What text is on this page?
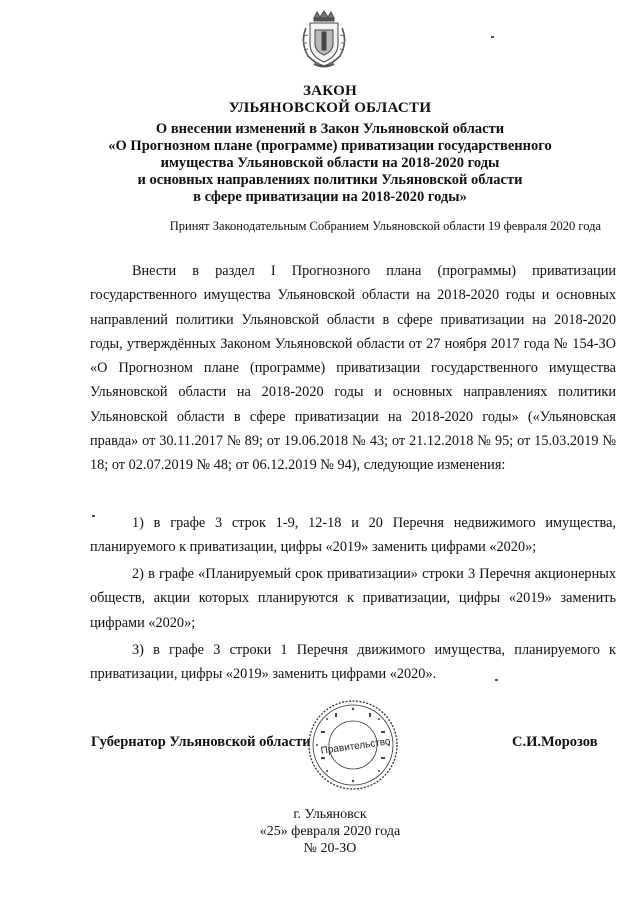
ЗАКОН
УЛЬЯНОВСКОЙ ОБЛАСТИ
О внесении изменений в Закон Ульяновской области
«О Прогнозном плане (программе) приватизации государственного
имущества Ульяновской области на 2018-2020 годы
и основных направлениях политики Ульяновской области
в сфере приватизации на 2018-2020 годы»
Принят Законодательным Собранием Ульяновской области 19 февраля 2020 года

Внести в раздел I Прогнозного плана (программы) приватизации государственного имущества Ульяновской области на 2018-2020 годы и основных направлений политики Ульяновской области в сфере приватизации на 2018-2020 годы, утверждённых Законом Ульяновской области от 27 ноября 2017 года № 154-ЗО «О Прогнозном плане (программе) приватизации государственного имущества Ульяновской области на 2018-2020 годы и основных направлениях политики Ульяновской области в сфере приватизации на 2018-2020 годы» («Ульяновская правда» от 30.11.2017 № 89; от 19.06.2018 № 43; от 21.12.2018 № 95; от 15.03.2019 № 18; от 02.07.2019 № 48; от 06.12.2019 № 94), следующие изменения:

1) в графе 3 строк 1-9, 12-18 и 20 Перечня недвижимого имущества, планируемого к приватизации, цифры «2019» заменить цифрами «2020»;

2) в графе «Планируемый срок приватизации» строки 3 Перечня акционерных обществ, акции которых планируются к приватизации, цифры «2019» заменить цифрами «2020»;

3) в графе 3 строки 1 Перечня движимого имущества, планируемого к приватизации, цифры «2019» заменить цифрами «2020».

Губернатор Ульяновской области Правительство	С.И.Морозов
г. Ульяновск
«25» февраля 2020 года
№ 20-ЗО
